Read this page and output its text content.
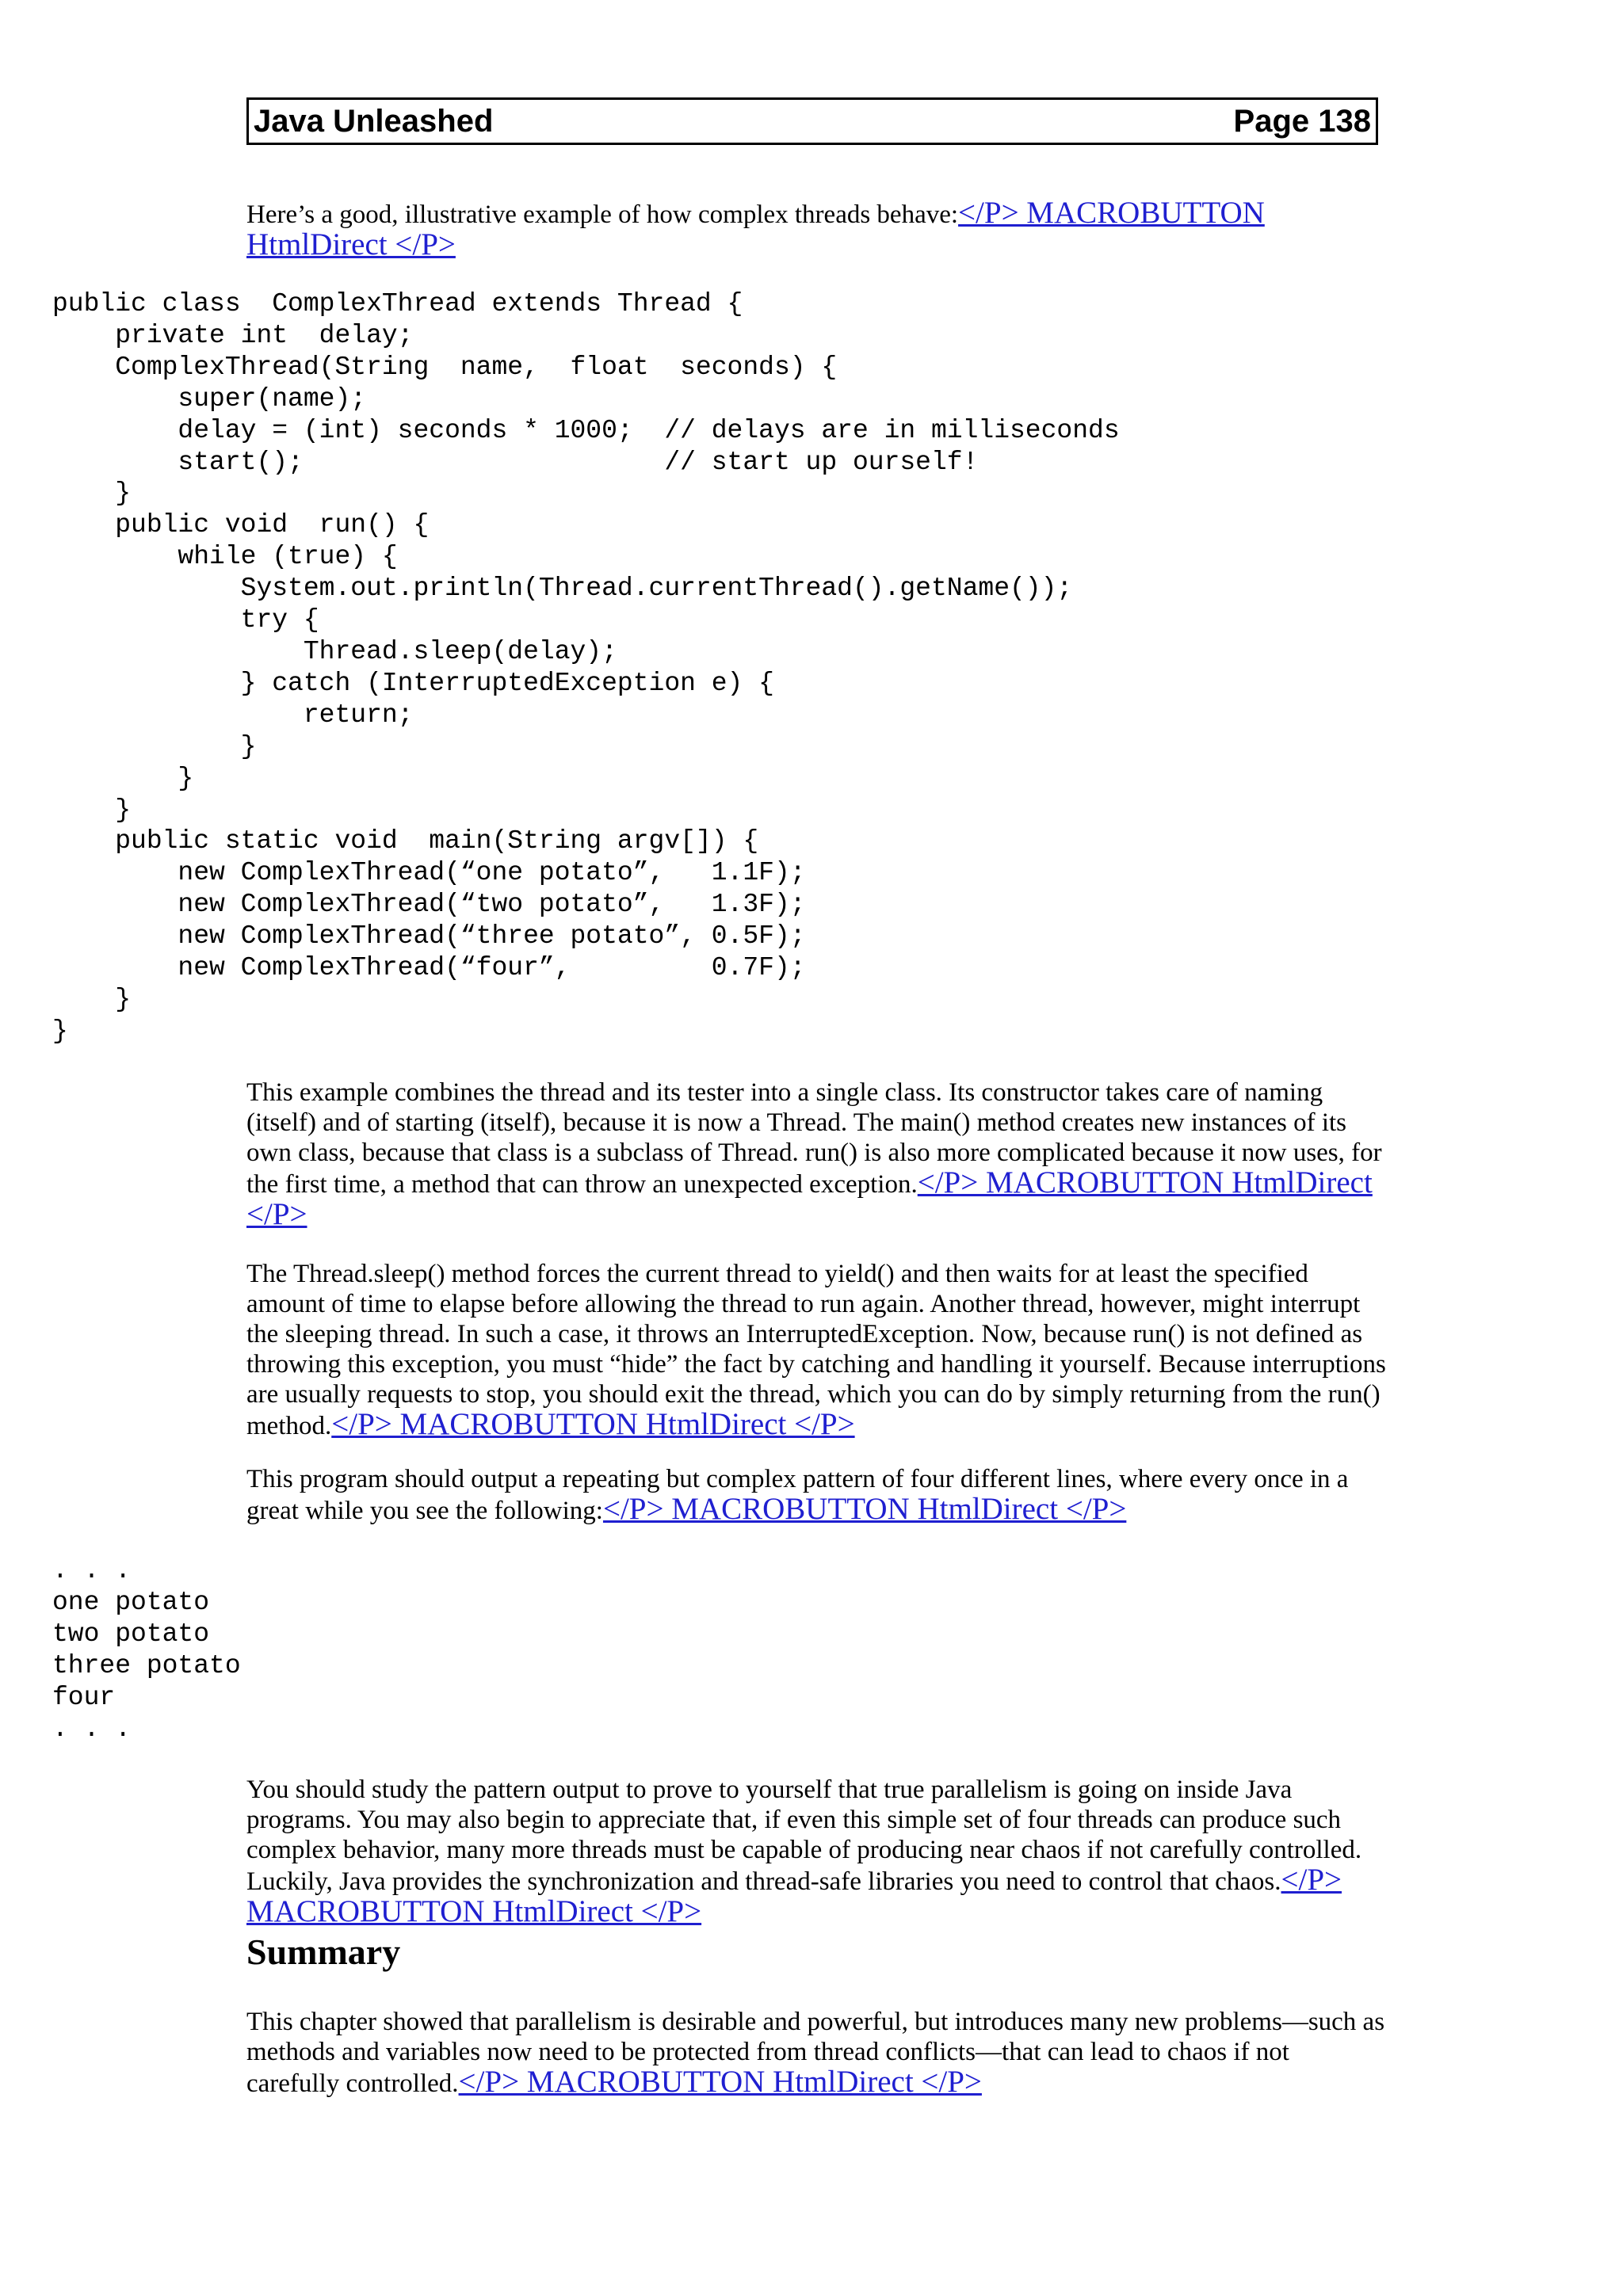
Java Unleashed	Page 138

Here’s a good, illustrative example of how complex threads behave:</P> MACROBUTTON HtmlDirect </P>

public class  ComplexThread extends Thread {
private int  delay;
ComplexThread(String  name,  float  seconds) {
super(name);
delay = (int) seconds * 1000;  // delays are in milliseconds
start();                       // start up ourself!
}
public void  run() {
while (true) {
System.out.println(Thread.currentThread().getName());
try {
Thread.sleep(delay);
} catch (InterruptedException e) {
return;
}
}
}
public static void  main(String argv[]) {
new ComplexThread(“one potato”,   1.1F);
new ComplexThread(“two potato”,   1.3F);
new ComplexThread(“three potato”, 0.5F);
new ComplexThread(“four”,         0.7F);
}
}

This example combines the thread and its tester into a single class. Its constructor takes care of naming (itself) and of starting (itself), because it is now a Thread. The main() method creates new instances of its own class, because that class is a subclass of Thread. run() is also more complicated because it now uses, for the first time, a method that can throw an unexpected exception.</P> MACROBUTTON HtmlDirect </P>

The Thread.sleep() method forces the current thread to yield() and then waits for at least the specified amount of time to elapse before allowing the thread to run again. Another thread, however, might interrupt the sleeping thread. In such a case, it throws an InterruptedException. Now, because run() is not defined as throwing this exception, you must “hide” the fact by catching and handling it yourself. Because interruptions are usually requests to stop, you should exit the thread, which you can do by simply returning from the run() method.</P> MACROBUTTON HtmlDirect </P>

This program should output a repeating but complex pattern of four different lines, where every once in a great while you see the following:</P> MACROBUTTON HtmlDirect </P>

. . .
one potato
two potato
three potato
four
. . .

You should study the pattern output to prove to yourself that true parallelism is going on inside Java programs. You may also begin to appreciate that, if even this simple set of four threads can produce such complex behavior, many more threads must be capable of producing near chaos if not carefully controlled. Luckily, Java provides the synchronization and thread-safe libraries you need to control that chaos.</P> MACROBUTTON HtmlDirect </P>

Summary

This chapter showed that parallelism is desirable and powerful, but introduces many new problems—such as methods and variables now need to be protected from thread conflicts—that can lead to chaos if not carefully controlled.</P> MACROBUTTON HtmlDirect </P>
